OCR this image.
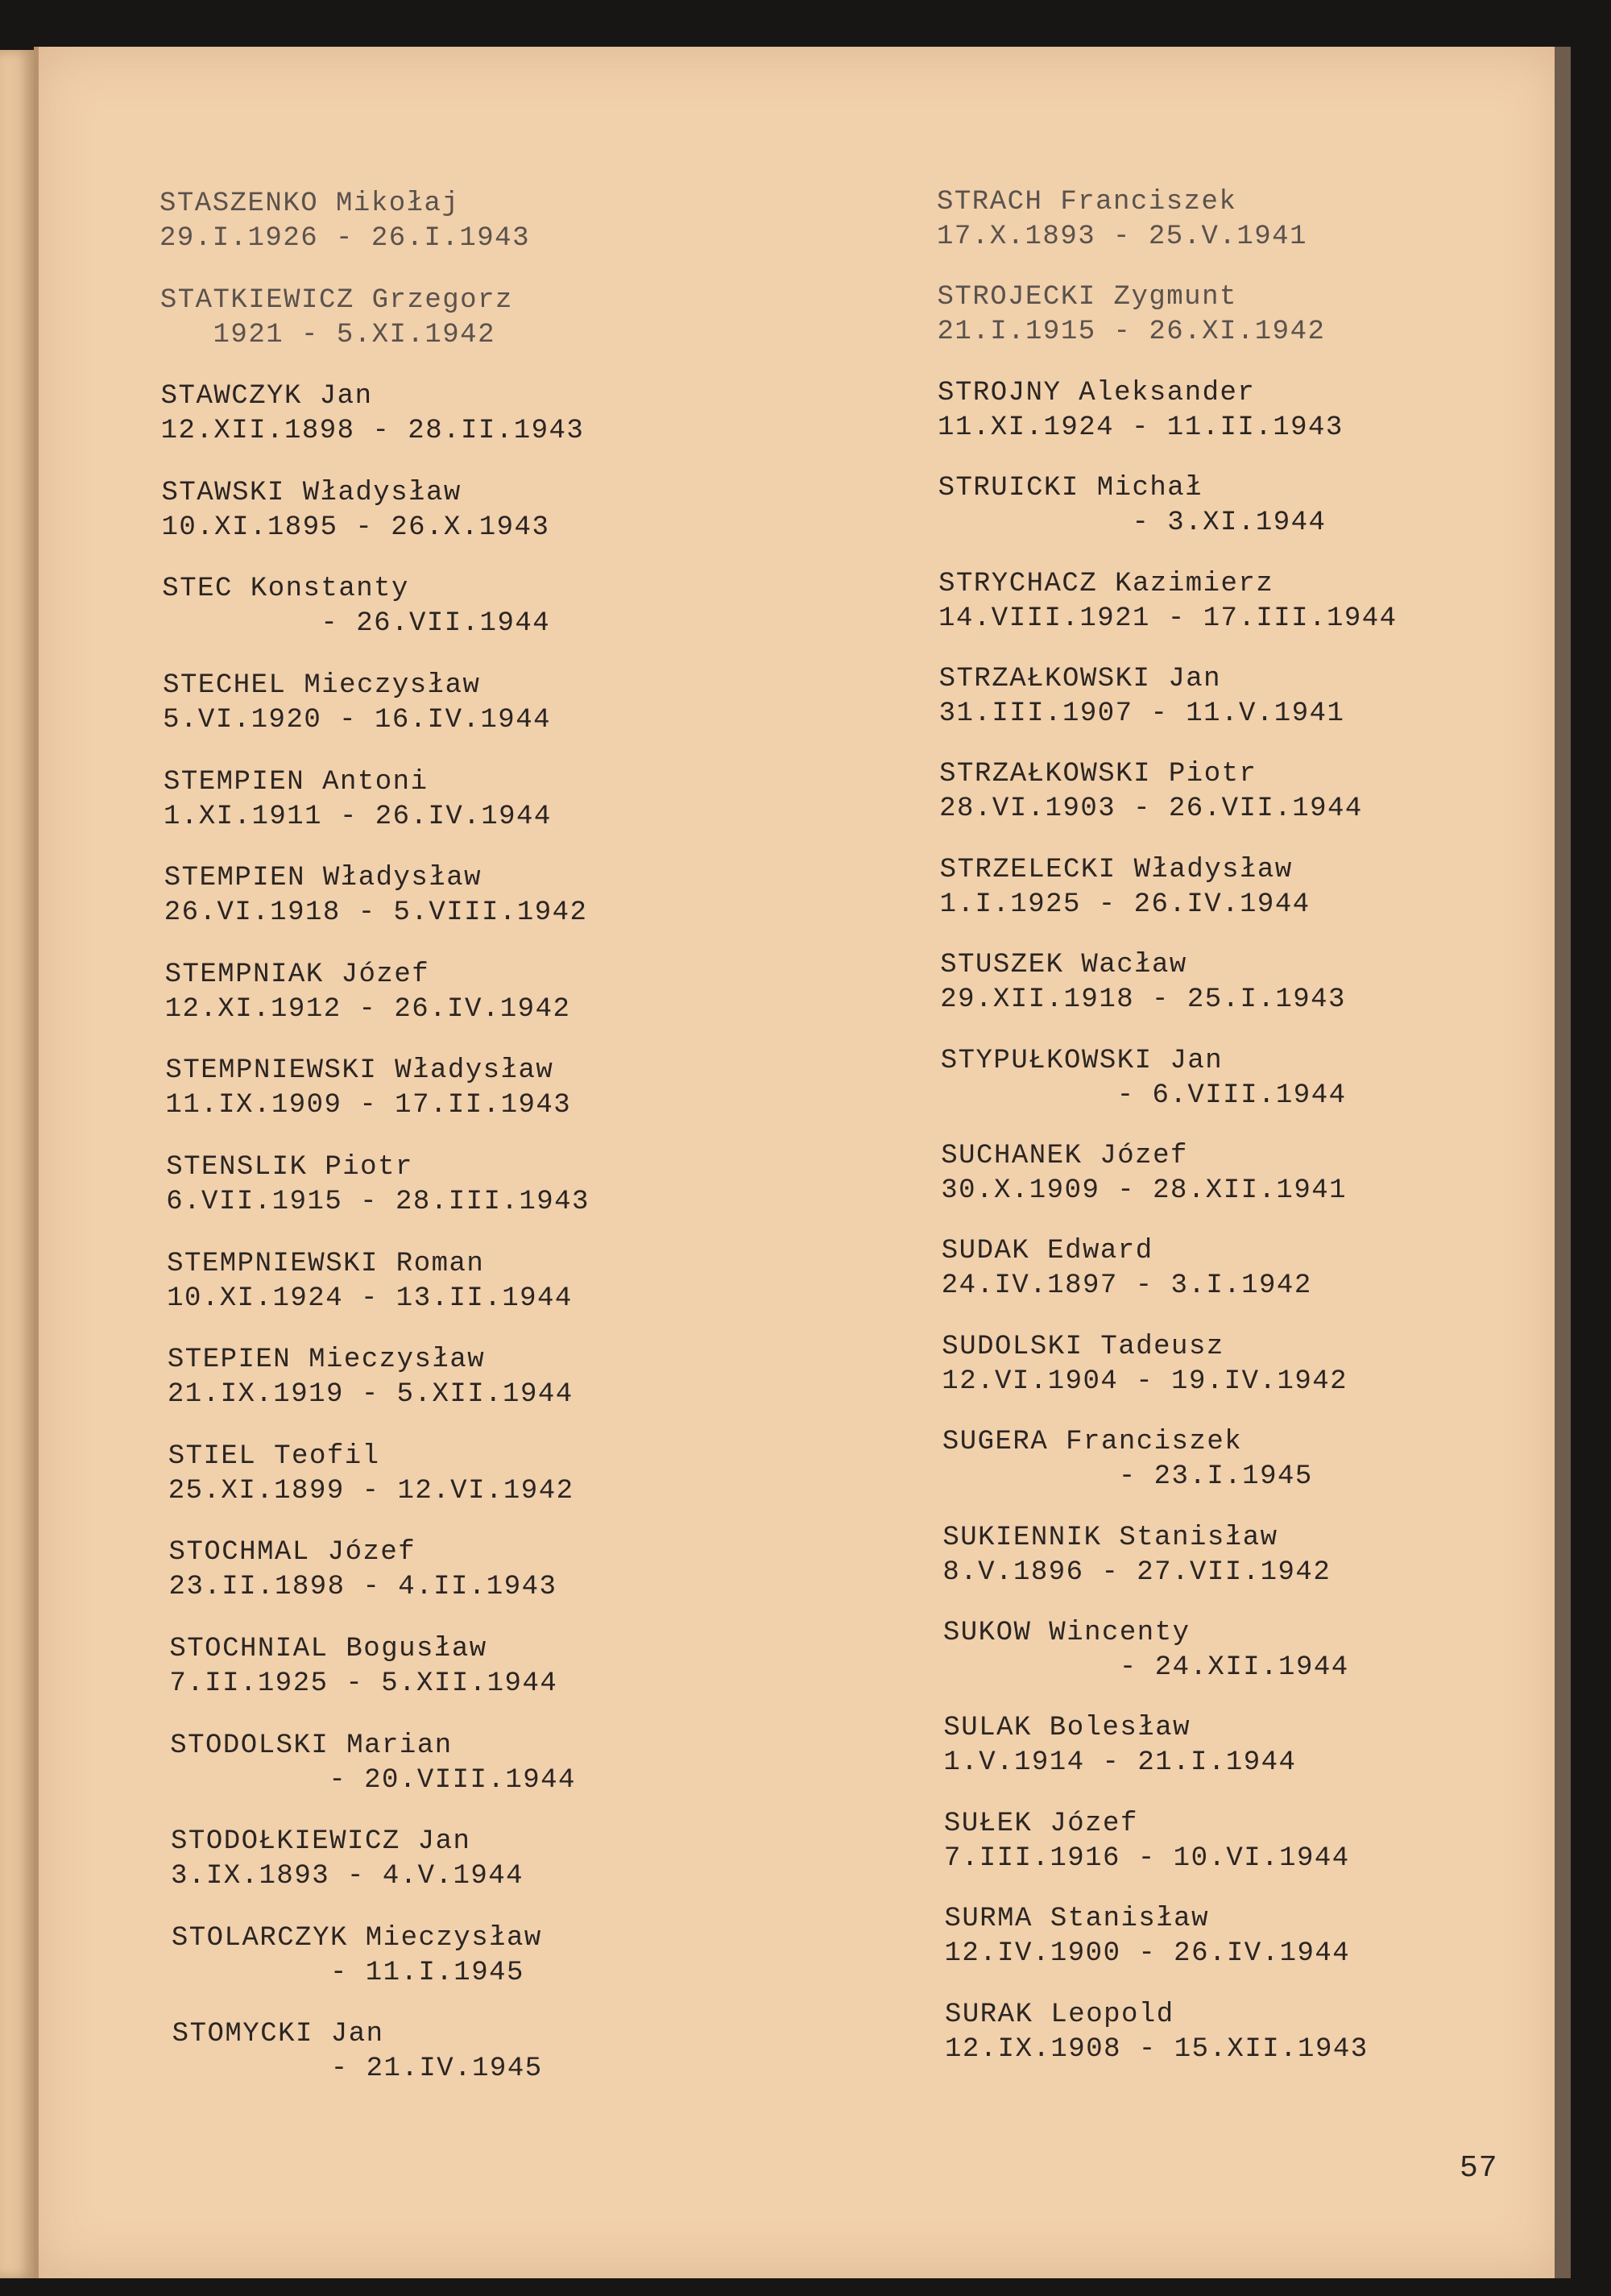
STASZENKO Mikołaj
29.I.1926 - 26.I.1943
STATKIEWICZ Grzegorz
1921 - 5.XI.1942
STAWCZYK Jan
12.XII.1898 - 28.II.1943
STAWSKI Władysław
10.XI.1895 - 26.X.1943
STEC Konstanty
- 26.VII.1944
STECHEL Mieczysław
5.VI.1920 - 16.IV.1944
STEMPIEN Antoni
1.XI.1911 - 26.IV.1944
STEMPIEN Władysław
26.VI.1918 - 5.VIII.1942
STEMPNIAK Józef
12.XI.1912 - 26.IV.1942
STEMPNIEWSKI Władysław
11.IX.1909 - 17.II.1943
STENSLIK Piotr
6.VII.1915 - 28.III.1943
STEMPNIEWSKI Roman
10.XI.1924 - 13.II.1944
STEPIEN Mieczysław
21.IX.1919 - 5.XII.1944
STIEL Teofil
25.XI.1899 - 12.VI.1942
STOCHMAL Józef
23.II.1898 - 4.II.1943
STOCHNIAL Bogusław
7.II.1925 - 5.XII.1944
STODOLSKI Marian
- 20.VIII.1944
STODOŁKIEWICZ Jan
3.IX.1893 - 4.V.1944
STOLARCZYK Mieczysław
- 11.I.1945
STOMYCKI Jan
- 21.IV.1945
STRACH Franciszek
17.X.1893 - 25.V.1941
STROJECKI Zygmunt
21.I.1915 - 26.XI.1942
STROJNY Aleksander
11.XI.1924 - 11.II.1943
STRUICKI Michał
- 3.XI.1944
STRYCHACZ Kazimierz
14.VIII.1921 - 17.III.1944
STRZAŁKOWSKI Jan
31.III.1907 - 11.V.1941
STRZAŁKOWSKI Piotr
28.VI.1903 - 26.VII.1944
STRZELECKI Władysław
1.I.1925 - 26.IV.1944
STUSZEK Wacław
29.XII.1918 - 25.I.1943
STYPUŁKOWSKI Jan
- 6.VIII.1944
SUCHANEK Józef
30.X.1909 - 28.XII.1941
SUDAK Edward
24.IV.1897 - 3.I.1942
SUDOLSKI Tadeusz
12.VI.1904 - 19.IV.1942
SUGERA Franciszek
- 23.I.1945
SUKIENNIK Stanisław
8.V.1896 - 27.VII.1942
SUKOW Wincenty
- 24.XII.1944
SULAK Bolesław
1.V.1914 - 21.I.1944
SUŁEK Józef
7.III.1916 - 10.VI.1944
SURMA Stanisław
12.IV.1900 - 26.IV.1944
SURAK Leopold
12.IX.1908 - 15.XII.1943
57
